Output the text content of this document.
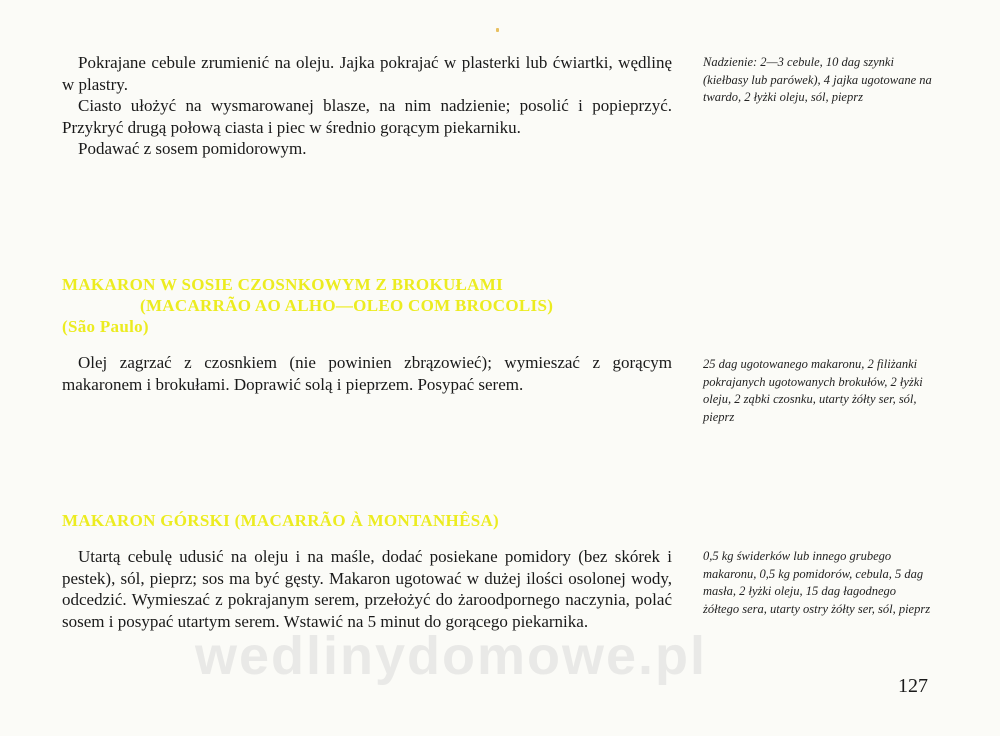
Pokrajane cebule zrumienić na oleju. Jajka pokrajać w plasterki lub ćwiartki, wędlinę w plastry.

Ciasto ułożyć na wysmarowanej blasze, na nim nadzienie; posolić i popieprzyć. Przykryć drugą połową ciasta i piec w średnio gorącym piekarniku.

Podawać z sosem pomidorowym.

Nadzienie: 2—3 cebule, 10 dag szynki (kiełbasy lub parówek), 4 jajka ugotowane na twardo, 2 łyżki oleju, sól, pieprz
MAKARON W SOSIE CZOSNKOWYM Z BROKUŁAMI
(MACARRÃO AO ALHO—OLEO COM BROCOLIS)
(São Paulo)

Olej zagrzać z czosnkiem (nie powinien zbrązowieć); wymieszać z gorącym makaronem i brokułami. Doprawić solą i pieprzem. Posypać serem.

25 dag ugotowanego makaronu, 2 filiżanki pokrajanych ugotowanych brokułów, 2 łyżki oleju, 2 ząbki czosnku, utarty żółty ser, sól, pieprz
MAKARON GÓRSKI (MACARRÃO À MONTANHÊSA)

Utartą cebulę udusić na oleju i na maśle, dodać posiekane pomidory (bez skórek i pestek), sól, pieprz; sos ma być gęsty. Makaron ugotować w dużej ilości osolonej wody, odcedzić. Wymieszać z pokrajanym serem, przełożyć do żaroodpornego naczynia, polać sosem i posypać utartym serem. Wstawić na 5 minut do gorącego piekarnika.

0,5 kg świderków lub innego grubego makaronu, 0,5 kg pomidorów, cebula, 5 dag masła, 2 łyżki oleju, 15 dag łagodnego żółtego sera, utarty ostry żółty ser, sól, pieprz
wedlinydomowe.pl	127
